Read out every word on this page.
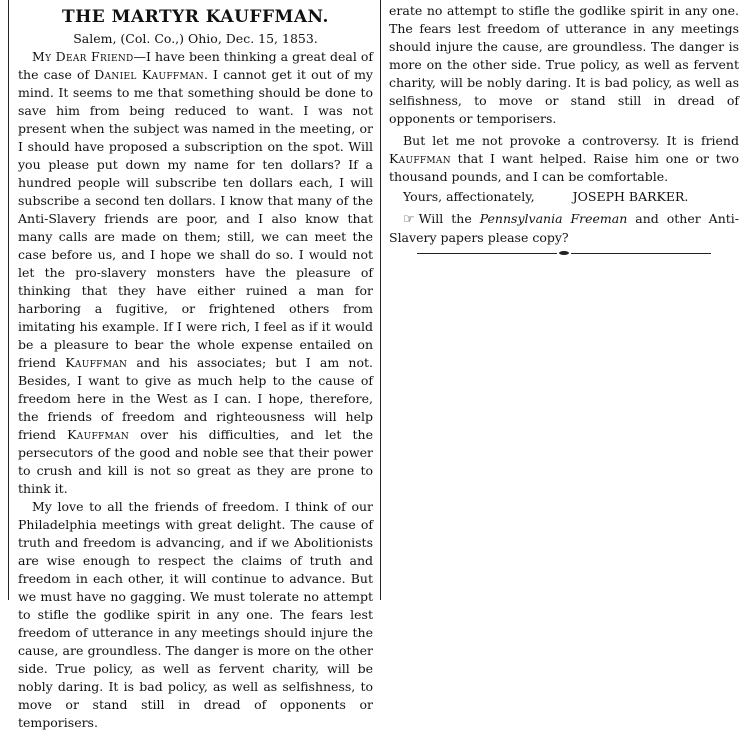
THE MARTYR KAUFFMAN.
Salem, (Col. Co.,) Ohio, Dec. 15, 1853.

My Dear Friend—I have been thinking a great deal of the case of Daniel Kauffman. I cannot get it out of my mind. It seems to me that something should be done to save him from being reduced to want. I was not present when the subject was named in the meeting, or I should have proposed a subscription on the spot. Will you please put down my name for ten dollars? If a hundred people will subscribe ten dollars each, I will subscribe a second ten dollars. I know that many of the Anti-Slavery friends are poor, and I also know that many calls are made on them; still, we can meet the case before us, and I hope we shall do so. I would not let the pro-slavery monsters have the pleasure of thinking that they have either ruined a man for harboring a fugitive, or frightened others from imitating his example. If I were rich, I feel as if it would be a pleasure to bear the whole expense entailed on friend Kauffman and his associates; but I am not. Besides, I want to give as much help to the cause of freedom here in the West as I can. I hope, therefore, the friends of freedom and righteousness will help friend Kauffman over his difficulties, and let the persecutors of the good and noble see that their power to crush and kill is not so great as they are prone to think it.

My love to all the friends of freedom. I think of our Philadelphia meetings with great delight. The cause of truth and freedom is advancing, and if we Abolitionists are wise enough to respect the claims of truth and freedom in each other, it will continue to advance. But we must have no gagging. We must tolerate no attempt to stifle the godlike spirit in any one. The fears lest freedom of utterance in any meetings should injure the cause, are groundless. The danger is more on the other side. True policy, as well as fervent charity, will be nobly daring. It is bad policy, as well as selfishness, to move or stand still in dread of opponents or temporisers.

erate no attempt to stifle the godlike spirit in any one. The fears lest freedom of utterance in any meetings should injure the cause, are groundless. The danger is more on the other side. True policy, as well as fervent charity, will be nobly daring. It is bad policy, as well as selfishness, to move or stand still in dread of opponents or temporisers.

But let me not provoke a controversy. It is friend Kauffman that I want helped. Raise him one or two thousand pounds, and I can be comfortable.

Yours, affectionately,	JOSEPH BARKER.
☞ Will the Pennsylvania Freeman and other Anti-Slavery papers please copy?
